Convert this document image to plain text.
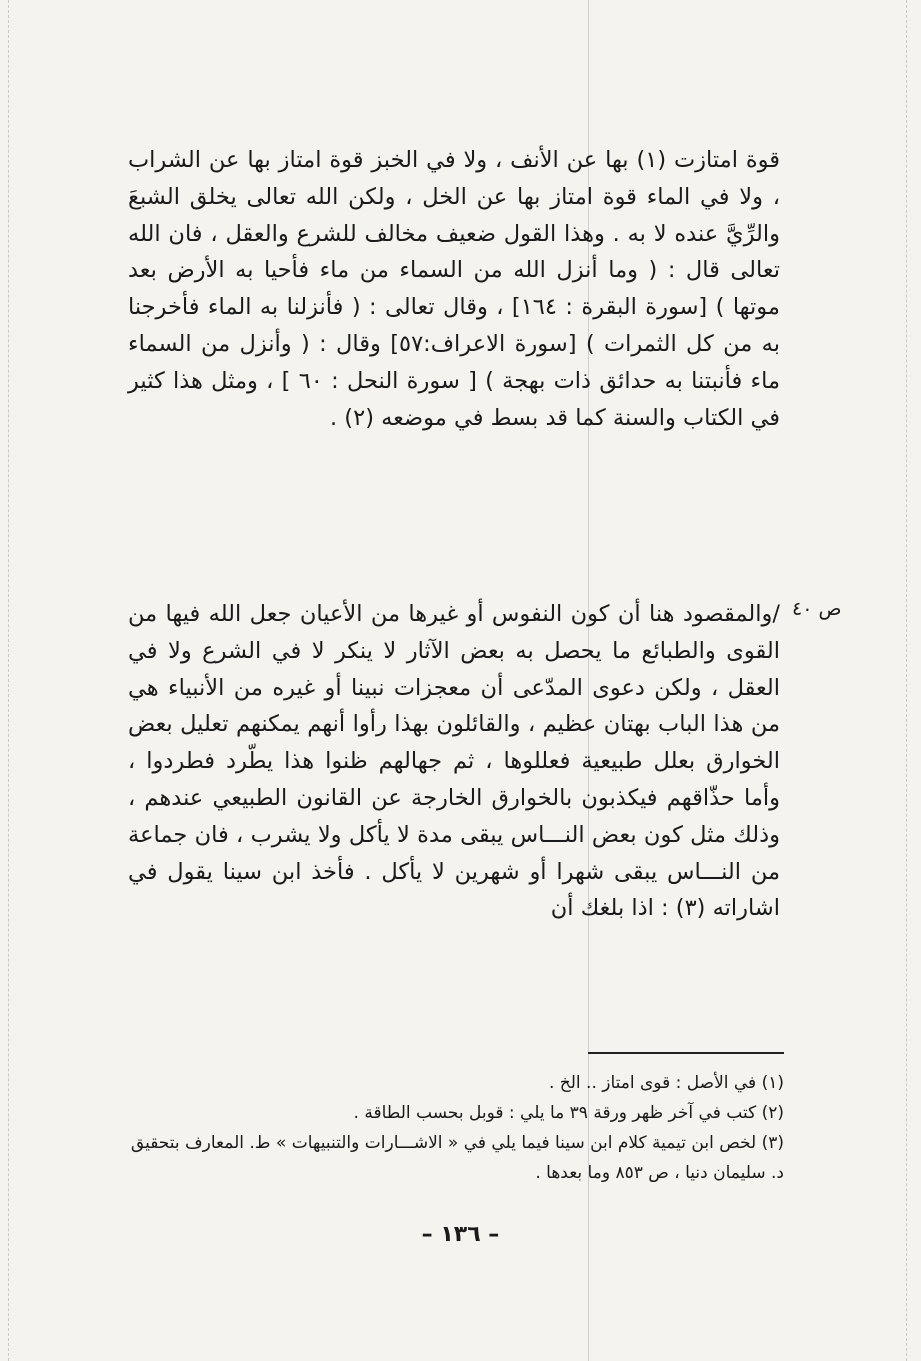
قوة امتازت (١) بها عن الأنف ، ولا في الخبز قوة امتاز بها عن الشراب ، ولا في الماء قوة امتاز بها عن الخل ، ولكن الله تعالى يخلق الشبعَ والرِّيَّ عنده لا به . وهذا القول ضعيف مخالف للشرع والعقل ، فان الله تعالى قال : ( وما أنزل الله من السماء من ماء فأحيا به الأرض بعد موتها ) [سورة البقرة : ١٦٤] ، وقال تعالى : ( فأنزلنا به الماء فأخرجنا به من كل الثمرات ) [سورة الاعراف:٥٧] وقال : ( وأنزل من السماء ماء فأنبتنا به حدائق ذات بهجة ) [ سورة النحل : ٦٠ ] ، ومثل هذا كثير في الكتاب والسنة كما قد بسط في موضعه (٢) .

ص ٤٠

/والمقصود هنا أن كون النفوس أو غيرها من الأعيان جعل الله فيها من القوى والطبائع ما يحصل به بعض الآثار لا ينكر لا في الشرع ولا في العقل ، ولكن دعوى المدّعى أن معجزات نبينا أو غيره من الأنبياء هي من هذا الباب بهتان عظيم ، والقائلون بهذا رأوا أنهم يمكنهم تعليل بعض الخوارق بعلل طبيعية فعللوها ، ثم جهالهم ظنوا هذا يطّرد فطردوا ، وأما حذّاقهم فيكذبون بالخوارق الخارجة عن القانون الطبيعي عندهم ، وذلك مثل كون بعض النـــاس يبقى مدة لا يأكل ولا يشرب ، فان جماعة من النـــاس يبقى شهرا أو شهرين لا يأكل . فأخذ ابن سينا يقول في اشاراته (٣) : اذا بلغك أن

(١) في الأصل : قوى امتاز .. الخ .
(٢) كتب في آخر ظهر ورقة ٣٩ ما يلي : قوبل بحسب الطاقة .
(٣) لخص ابن تيمية كلام ابن سينا فيما يلي في « الاشـــارات والتنبيهات » ط. المعارف بتحقيق د. سليمان دنيا ، ص ٨٥٣ وما بعدها .
– ١٣٦ –
